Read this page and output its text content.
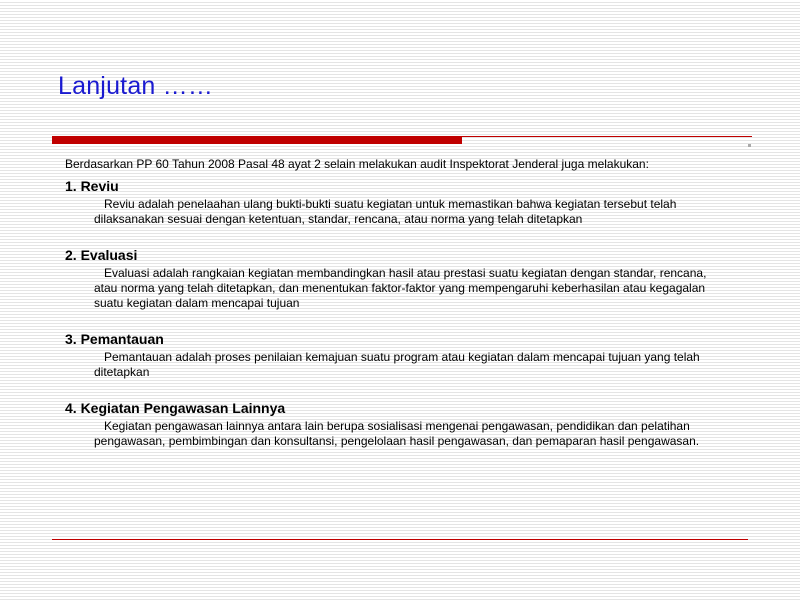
Lanjutan ……

Berdasarkan PP 60 Tahun 2008 Pasal 48 ayat 2 selain melakukan audit Inspektorat Jenderal juga melakukan:

1. Reviu
Reviu adalah penelaahan ulang bukti-bukti suatu kegiatan untuk memastikan bahwa kegiatan tersebut telah dilaksanakan sesuai dengan ketentuan, standar, rencana, atau norma yang telah ditetapkan
2. Evaluasi
Evaluasi adalah rangkaian kegiatan membandingkan hasil atau prestasi suatu kegiatan dengan standar, rencana, atau norma yang telah ditetapkan, dan menentukan faktor-faktor yang mempengaruhi keberhasilan atau kegagalan suatu kegiatan dalam mencapai tujuan
3. Pemantauan
Pemantauan adalah proses penilaian kemajuan suatu program atau kegiatan dalam mencapai tujuan yang telah ditetapkan
4. Kegiatan Pengawasan Lainnya
Kegiatan pengawasan lainnya antara lain berupa sosialisasi mengenai pengawasan, pendidikan dan pelatihan pengawasan, pembimbingan dan konsultansi, pengelolaan hasil pengawasan, dan pemaparan hasil pengawasan.
